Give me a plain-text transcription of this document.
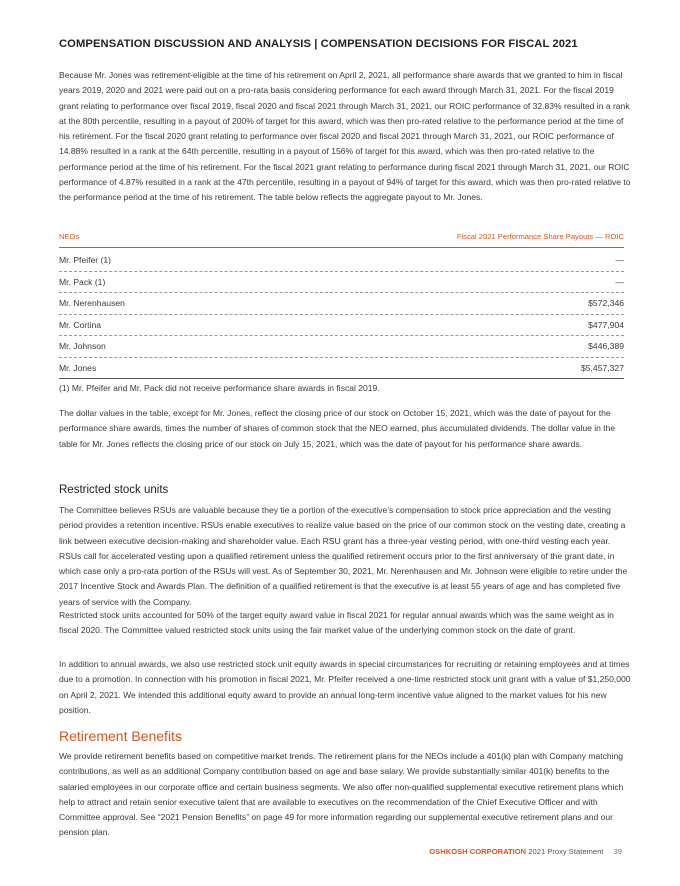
COMPENSATION DISCUSSION AND ANALYSIS | COMPENSATION DECISIONS FOR FISCAL 2021

Because Mr. Jones was retirement-eligible at the time of his retirement on April 2, 2021, all performance share awards that we granted to him in fiscal years 2019, 2020 and 2021 were paid out on a pro-rata basis considering performance for each award through March 31, 2021. For the fiscal 2019 grant relating to performance over fiscal 2019, fiscal 2020 and fiscal 2021 through March 31, 2021, our ROIC performance of 32.83% resulted in a rank at the 80th percentile, resulting in a payout of 200% of target for this award, which was then pro-rated relative to the performance period at the time of his retirement. For the fiscal 2020 grant relating to performance over fiscal 2020 and fiscal 2021 through March 31, 2021, our ROIC performance of 14.88% resulted in a rank at the 64th percentile, resulting in a payout of 156% of target for this award, which was then pro-rated relative to the performance period at the time of his retirement. For the fiscal 2021 grant relating to performance during fiscal 2021 through March 31, 2021, our ROIC performance of 4.87% resulted in a rank at the 47th percentile, resulting in a payout of 94% of target for this award, which was then pro-rated relative to the performance period at the time of his retirement. The table below reflects the aggregate payout to Mr. Jones.

NEOs	Fiscal 2021 Performance Share Payouts — ROIC
Mr. Pfeifer (1)	—
Mr. Pack (1)	—
Mr. Nerenhausen	$572,346
Mr. Cortina	$477,904
Mr. Johnson	$446,389
Mr. Jones	$5,457,327

(1) Mr. Pfeifer and Mr. Pack did not receive performance share awards in fiscal 2019.

The dollar values in the table, except for Mr. Jones, reflect the closing price of our stock on October 15, 2021, which was the date of payout for the performance share awards, times the number of shares of common stock that the NEO earned, plus accumulated dividends. The dollar value in the table for Mr. Jones reflects the closing price of our stock on July 15, 2021, which was the date of payout for his performance share awards.

Restricted stock units

The Committee believes RSUs are valuable because they tie a portion of the executive’s compensation to stock price appreciation and the vesting period provides a retention incentive. RSUs enable executives to realize value based on the price of our common stock on the vesting date, creating a link between executive decision-making and shareholder value. Each RSU grant has a three-year vesting period, with one-third vesting each year. RSUs call for accelerated vesting upon a qualified retirement unless the qualified retirement occurs prior to the first anniversary of the grant date, in which case only a pro-rata portion of the RSUs will vest. As of September 30, 2021, Mr. Nerenhausen and Mr. Johnson were eligible to retire under the 2017 Incentive Stock and Awards Plan. The definition of a qualified retirement is that the executive is at least 55 years of age and has completed five years of service with the Company.

Restricted stock units accounted for 50% of the target equity award value in fiscal 2021 for regular annual awards which was the same weight as in fiscal 2020. The Committee valued restricted stock units using the fair market value of the underlying common stock on the date of grant.

In addition to annual awards, we also use restricted stock unit equity awards in special circumstances for recruiting or retaining employees and at times due to a promotion. In connection with his promotion in fiscal 2021, Mr. Pfeifer received a one-time restricted stock unit grant with a value of $1,250,000 on April 2, 2021. We intended this additional equity award to provide an annual long-term incentive value aligned to the market values for his new position.

Retirement Benefits

We provide retirement benefits based on competitive market trends. The retirement plans for the NEOs include a 401(k) plan with Company matching contributions, as well as an additional Company contribution based on age and base salary. We provide substantially similar 401(k) benefits to the salaried employees in our corporate office and certain business segments. We also offer non-qualified supplemental executive retirement plans which help to attract and retain senior executive talent that are available to executives on the recommendation of the Chief Executive Officer and with Committee approval. See “2021 Pension Benefits” on page 49 for more information regarding our supplemental executive retirement plans and our pension plan.

OSHKOSH CORPORATION 2021 Proxy Statement 39
